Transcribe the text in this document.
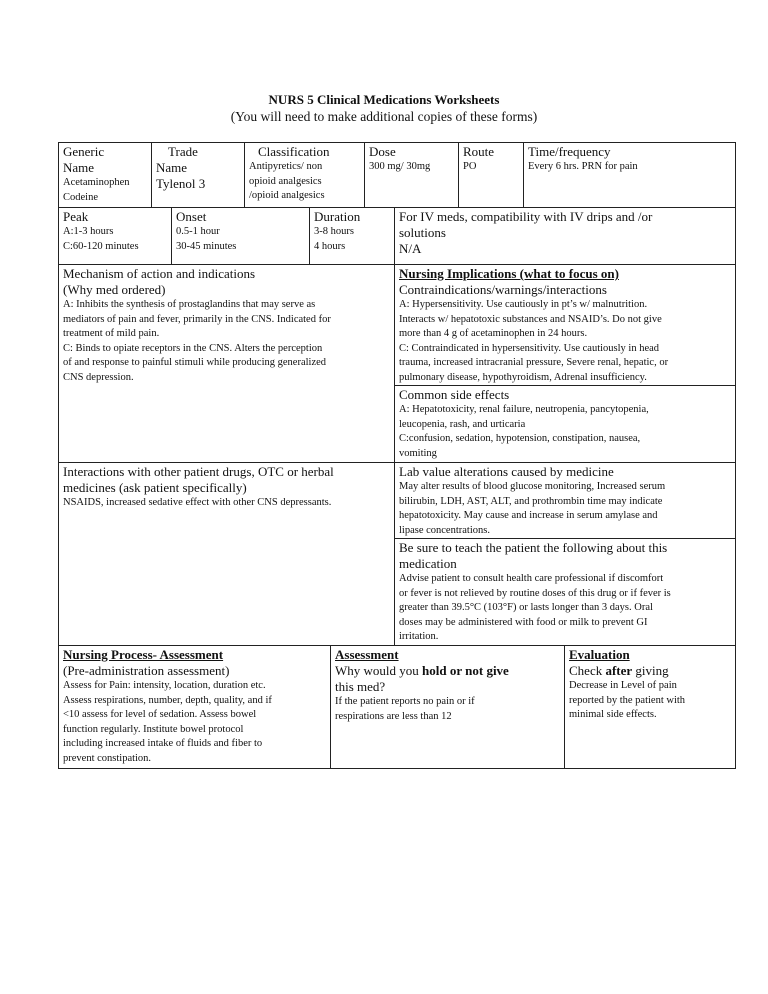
NURS 5 Clinical Medications Worksheets
(You will need to make additional copies of these forms)
Generic
Name
Acetaminophen
Codeine
Trade
Name
Tylenol 3
Classification
Antipyretics/ non
opioid analgesics
/opioid analgesics
Dose
300 mg/ 30mg
Route
PO
Time/frequency
Every 6 hrs. PRN for pain
Peak
A:1-3 hours
C:60-120 minutes
Onset
0.5-1 hour
30-45 minutes
Duration
3-8 hours
4 hours
For IV meds, compatibility with IV drips and /or
solutions
N/A
Mechanism of action and indications
(Why med ordered)
A: Inhibits the synthesis of prostaglandins that may serve as
mediators of pain and fever, primarily in the CNS. Indicated for
treatment of mild pain.
C: Binds to opiate receptors in the CNS. Alters the perception
of and response to painful stimuli while producing generalized
CNS depression.
Nursing Implications (what to focus on)
Contraindications/warnings/interactions
A: Hypersensitivity. Use cautiously in pt’s w/ malnutrition.
Interacts w/ hepatotoxic substances and NSAID’s. Do not give
more than 4 g of acetaminophen in 24 hours.
C: Contraindicated in hypersensitivity. Use cautiously in head
trauma, increased intracranial pressure, Severe renal, hepatic, or
pulmonary disease, hypothyroidism, Adrenal insufficiency.
Common side effects
A: Hepatotoxicity, renal failure, neutropenia, pancytopenia,
leucopenia, rash, and urticaria
C:confusion, sedation, hypotension, constipation, nausea,
vomiting
Interactions with other patient drugs, OTC or herbal
medicines (ask patient specifically)
NSAIDS, increased sedative effect with other CNS depressants.
Lab value alterations caused by medicine
May alter results of blood glucose monitoring, Increased serum
bilirubin, LDH, AST, ALT, and prothrombin time may indicate
hepatotoxicity. May cause and increase in serum amylase and
lipase concentrations.
Be sure to teach the patient the following about this
medication
Advise patient to consult health care professional if discomfort
or fever is not relieved by routine doses of this drug or if fever is
greater than 39.5°C (103°F) or lasts longer than 3 days. Oral
doses may be administered with food or milk to prevent GI
irritation.
Nursing Process- Assessment
(Pre-administration assessment)
Assess for Pain: intensity, location, duration etc.
Assess respirations, number, depth, quality, and if
<10 assess for level of sedation. Assess bowel
function regularly. Institute bowel protocol
including increased intake of fluids and fiber to
prevent constipation.
Assessment
Why would you hold or not give
this med?
If the patient reports no pain or if
respirations are less than 12
Evaluation
Check after giving
Decrease in Level of pain
reported by the patient with
minimal side effects.
